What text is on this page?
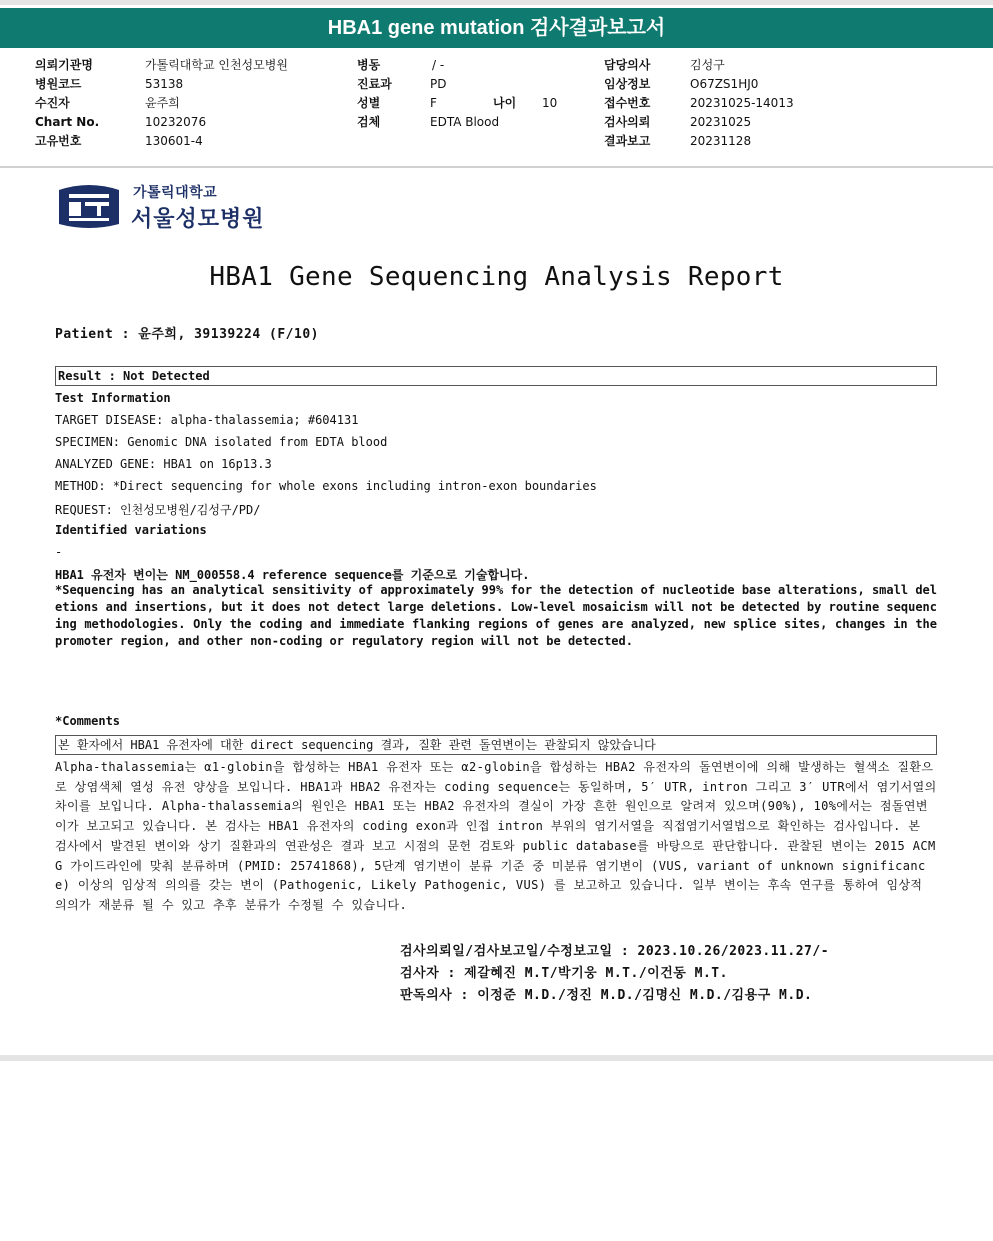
HBA1 gene mutation 검사결과보고서
의뢰기관명	가톨릭대학교 인천성모병원
병원코드	53138
수진자	윤주희
Chart No.	10232076
고유번호	130601-4
병동	/ -
진료과	PD
성별	F	나이 10
검체	EDTA Blood
담당의사	김성구
임상정보	O67ZS1HJ0
접수번호	20231025-14013
검사의뢰	20231025
결과보고	20231128
가톨릭대학교
서울성모병원
HBA1 Gene Sequencing Analysis Report
Patient : 윤주희, 39139224 (F/10)
Result : Not Detected
Test Information
TARGET DISEASE: alpha-thalassemia; #604131
SPECIMEN: Genomic DNA isolated from EDTA blood
ANALYZED GENE: HBA1 on 16p13.3
METHOD: *Direct sequencing for whole exons including intron-exon boundaries
REQUEST: 인천성모병원/김성구/PD/
Identified variations
-
HBA1 유전자 변이는 NM_000558.4 reference sequence를 기준으로 기술합니다.
*Sequencing has an analytical sensitivity of approximately 99% for the detection of nucleotide base alterations, small deletions and insertions, but it does not detect large deletions. Low-level mosaicism will not be detected by routine sequencing methodologies. Only the coding and immediate flanking regions of genes are analyzed, new splice sites, changes in the promoter region, and other non-coding or regulatory region will not be detected.
*Comments
본 환자에서 HBA1 유전자에 대한 direct sequencing 결과, 질환 관련 돌연변이는 관찰되지 않았습니다
Alpha-thalassemia는 α1-globin을 합성하는 HBA1 유전자 또는 α2-globin을 합성하는 HBA2 유전자의 돌연변이에 의해 발생하는 혈색소 질환으로 상염색체 열성 유전 양상을 보입니다. HBA1과 HBA2 유전자는 coding sequence는 동일하며, 5′ UTR, intron 그리고 3′ UTR에서 염기서열의 차이를 보입니다. Alpha-thalassemia의 원인은 HBA1 또는 HBA2 유전자의 결실이 가장 흔한 원인으로 알려져 있으며(90%), 10%에서는 점돌연변이가 보고되고 있습니다. 본 검사는 HBA1 유전자의 coding exon과 인접 intron 부위의 염기서열을 직접염기서열법으로 확인하는 검사입니다. 본 검사에서 발견된 변이와 상기 질환과의 연관성은 결과 보고 시점의 문헌 검토와 public database를 바탕으로 판단합니다. 관찰된 변이는 2015 ACMG 가이드라인에 맞춰 분류하며 (PMID: 25741868), 5단계 염기변이 분류 기준 중 미분류 염기변이 (VUS, variant of unknown significance) 이상의 임상적 의의를 갖는 변이 (Pathogenic, Likely Pathogenic, VUS) 를 보고하고 있습니다. 일부 변이는 후속 연구를 통하여 임상적 의의가 재분류 될 수 있고 추후 분류가 수정될 수 있습니다.
검사의뢰일/검사보고일/수정보고일 : 2023.10.26/2023.11.27/-
검사자 : 제갈혜진 M.T/박기웅 M.T./이건동 M.T.
판독의사 : 이정준 M.D./정진 M.D./김명신 M.D./김용구 M.D.
